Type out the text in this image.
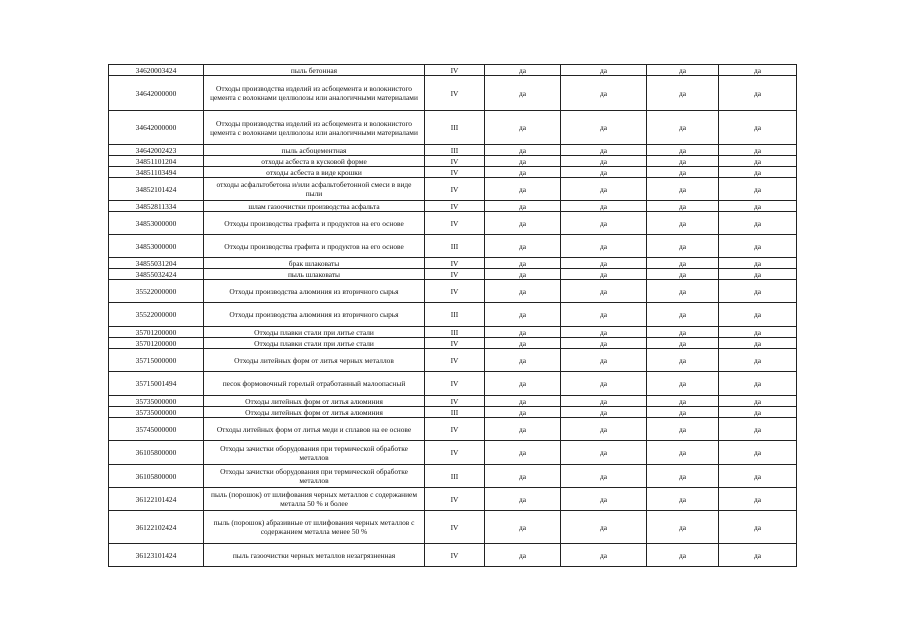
34620003424	пыль бетонная	IV	да	да	да	да
34642000000	Отходы производства изделий из асбоцемента и волокнистого цемента с волокнами целлюлозы или аналогичными материалами	IV	да	да	да	да
34642000000	Отходы производства изделий из асбоцемента и волокнистого цемента с волокнами целлюлозы или аналогичными материалами	III	да	да	да	да
34642002423	пыль асбоцементная	III	да	да	да	да
34851101204	отходы асбеста в кусковой форме	IV	да	да	да	да
34851103494	отходы асбеста в виде крошки	IV	да	да	да	да
34852101424	отходы асфальтобетона и/или асфальтобетонной смеси в виде пыли	IV	да	да	да	да
34852811334	шлам газоочистки производства асфальта	IV	да	да	да	да
34853000000	Отходы производства графита и продуктов на его основе	IV	да	да	да	да
34853000000	Отходы производства графита и продуктов на его основе	III	да	да	да	да
34855031204	брак шлаковаты	IV	да	да	да	да
34855032424	пыль шлаковаты	IV	да	да	да	да
35522000000	Отходы производства алюминия из вторичного сырья	IV	да	да	да	да
35522000000	Отходы производства алюминия из вторичного сырья	III	да	да	да	да
35701200000	Отходы плавки стали при литье стали	III	да	да	да	да
35701200000	Отходы плавки стали при литье стали	IV	да	да	да	да
35715000000	Отходы литейных форм от литья черных металлов	IV	да	да	да	да
35715001494	песок формовочный горелый отработанный малоопасный	IV	да	да	да	да
35735000000	Отходы литейных форм от литья алюминия	IV	да	да	да	да
35735000000	Отходы литейных форм от литья алюминия	III	да	да	да	да
35745000000	Отходы литейных форм от литья меди и сплавов на ее основе	IV	да	да	да	да
36105800000	Отходы зачистки оборудования при термической обработке металлов	IV	да	да	да	да
36105800000	Отходы зачистки оборудования при термической обработке металлов	III	да	да	да	да
36122101424	пыль (порошок) от шлифования черных металлов с содержанием металла 50 % и более	IV	да	да	да	да
36122102424	пыль (порошок) абразивные от шлифования черных металлов с содержанием металла менее 50 %	IV	да	да	да	да
36123101424	пыль газоочистки черных металлов незагрязненная	IV	да	да	да	да
